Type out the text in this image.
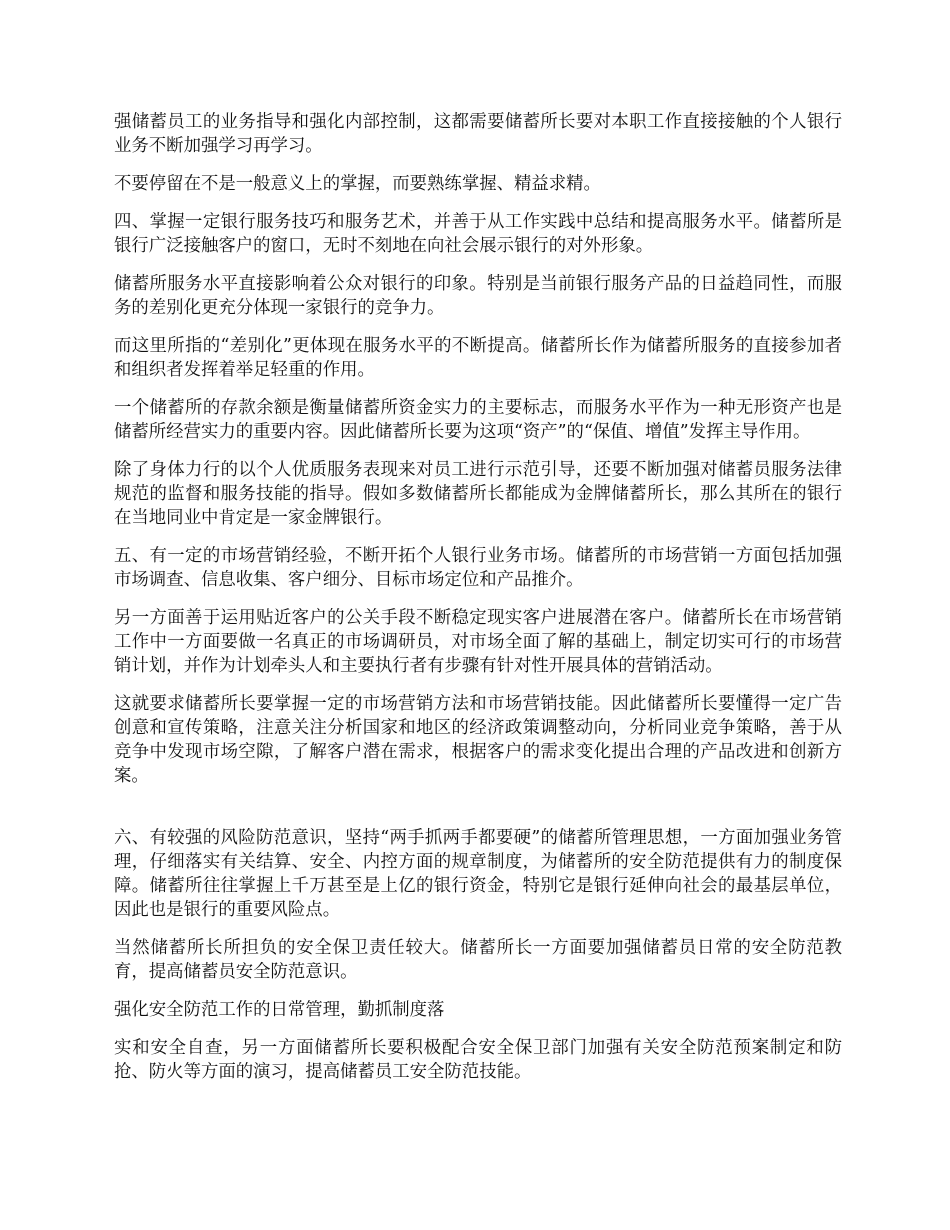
强储蓄员工的业务指导和强化内部控制，这都需要储蓄所长要对本职工作直接接触的个人银行业务不断加强学习再学习。

不要停留在不是一般意义上的掌握，而要熟练掌握、精益求精。

四、掌握一定银行服务技巧和服务艺术，并善于从工作实践中总结和提高服务水平。储蓄所是银行广泛接触客户的窗口，无时不刻地在向社会展示银行的对外形象。

储蓄所服务水平直接影响着公众对银行的印象。特别是当前银行服务产品的日益趋同性，而服务的差别化更充分体现一家银行的竞争力。

而这里所指的“差别化”更体现在服务水平的不断提高。储蓄所长作为储蓄所服务的直接参加者和组织者发挥着举足轻重的作用。

一个储蓄所的存款余额是衡量储蓄所资金实力的主要标志，而服务水平作为一种无形资产也是储蓄所经营实力的重要内容。因此储蓄所长要为这项“资产”的“保值、增值”发挥主导作用。

除了身体力行的以个人优质服务表现来对员工进行示范引导，还要不断加强对储蓄员服务法律规范的监督和服务技能的指导。假如多数储蓄所长都能成为金牌储蓄所长，那么其所在的银行在当地同业中肯定是一家金牌银行。

五、有一定的市场营销经验，不断开拓个人银行业务市场。储蓄所的市场营销一方面包括加强市场调查、信息收集、客户细分、目标市场定位和产品推介。

另一方面善于运用贴近客户的公关手段不断稳定现实客户进展潜在客户。储蓄所长在市场营销工作中一方面要做一名真正的市场调研员，对市场全面了解的基础上，制定切实可行的市场营销计划，并作为计划牵头人和主要执行者有步骤有针对性开展具体的营销活动。

这就要求储蓄所长要掌握一定的市场营销方法和市场营销技能。因此储蓄所长要懂得一定广告创意和宣传策略，注意关注分析国家和地区的经济政策调整动向，分析同业竞争策略，善于从竞争中发现市场空隙，了解客户潜在需求，根据客户的需求变化提出合理的产品改进和创新方案。

六、有较强的风险防范意识，坚持“两手抓两手都要硬”的储蓄所管理思想，一方面加强业务管理，仔细落实有关结算、安全、内控方面的规章制度，为储蓄所的安全防范提供有力的制度保障。储蓄所往往掌握上千万甚至是上亿的银行资金，特别它是银行延伸向社会的最基层单位，因此也是银行的重要风险点。

当然储蓄所长所担负的安全保卫责任较大。储蓄所长一方面要加强储蓄员日常的安全防范教育，提高储蓄员安全防范意识。

强化安全防范工作的日常管理，勤抓制度落

实和安全自查，另一方面储蓄所长要积极配合安全保卫部门加强有关安全防范预案制定和防抢、防火等方面的演习，提高储蓄员工安全防范技能。
